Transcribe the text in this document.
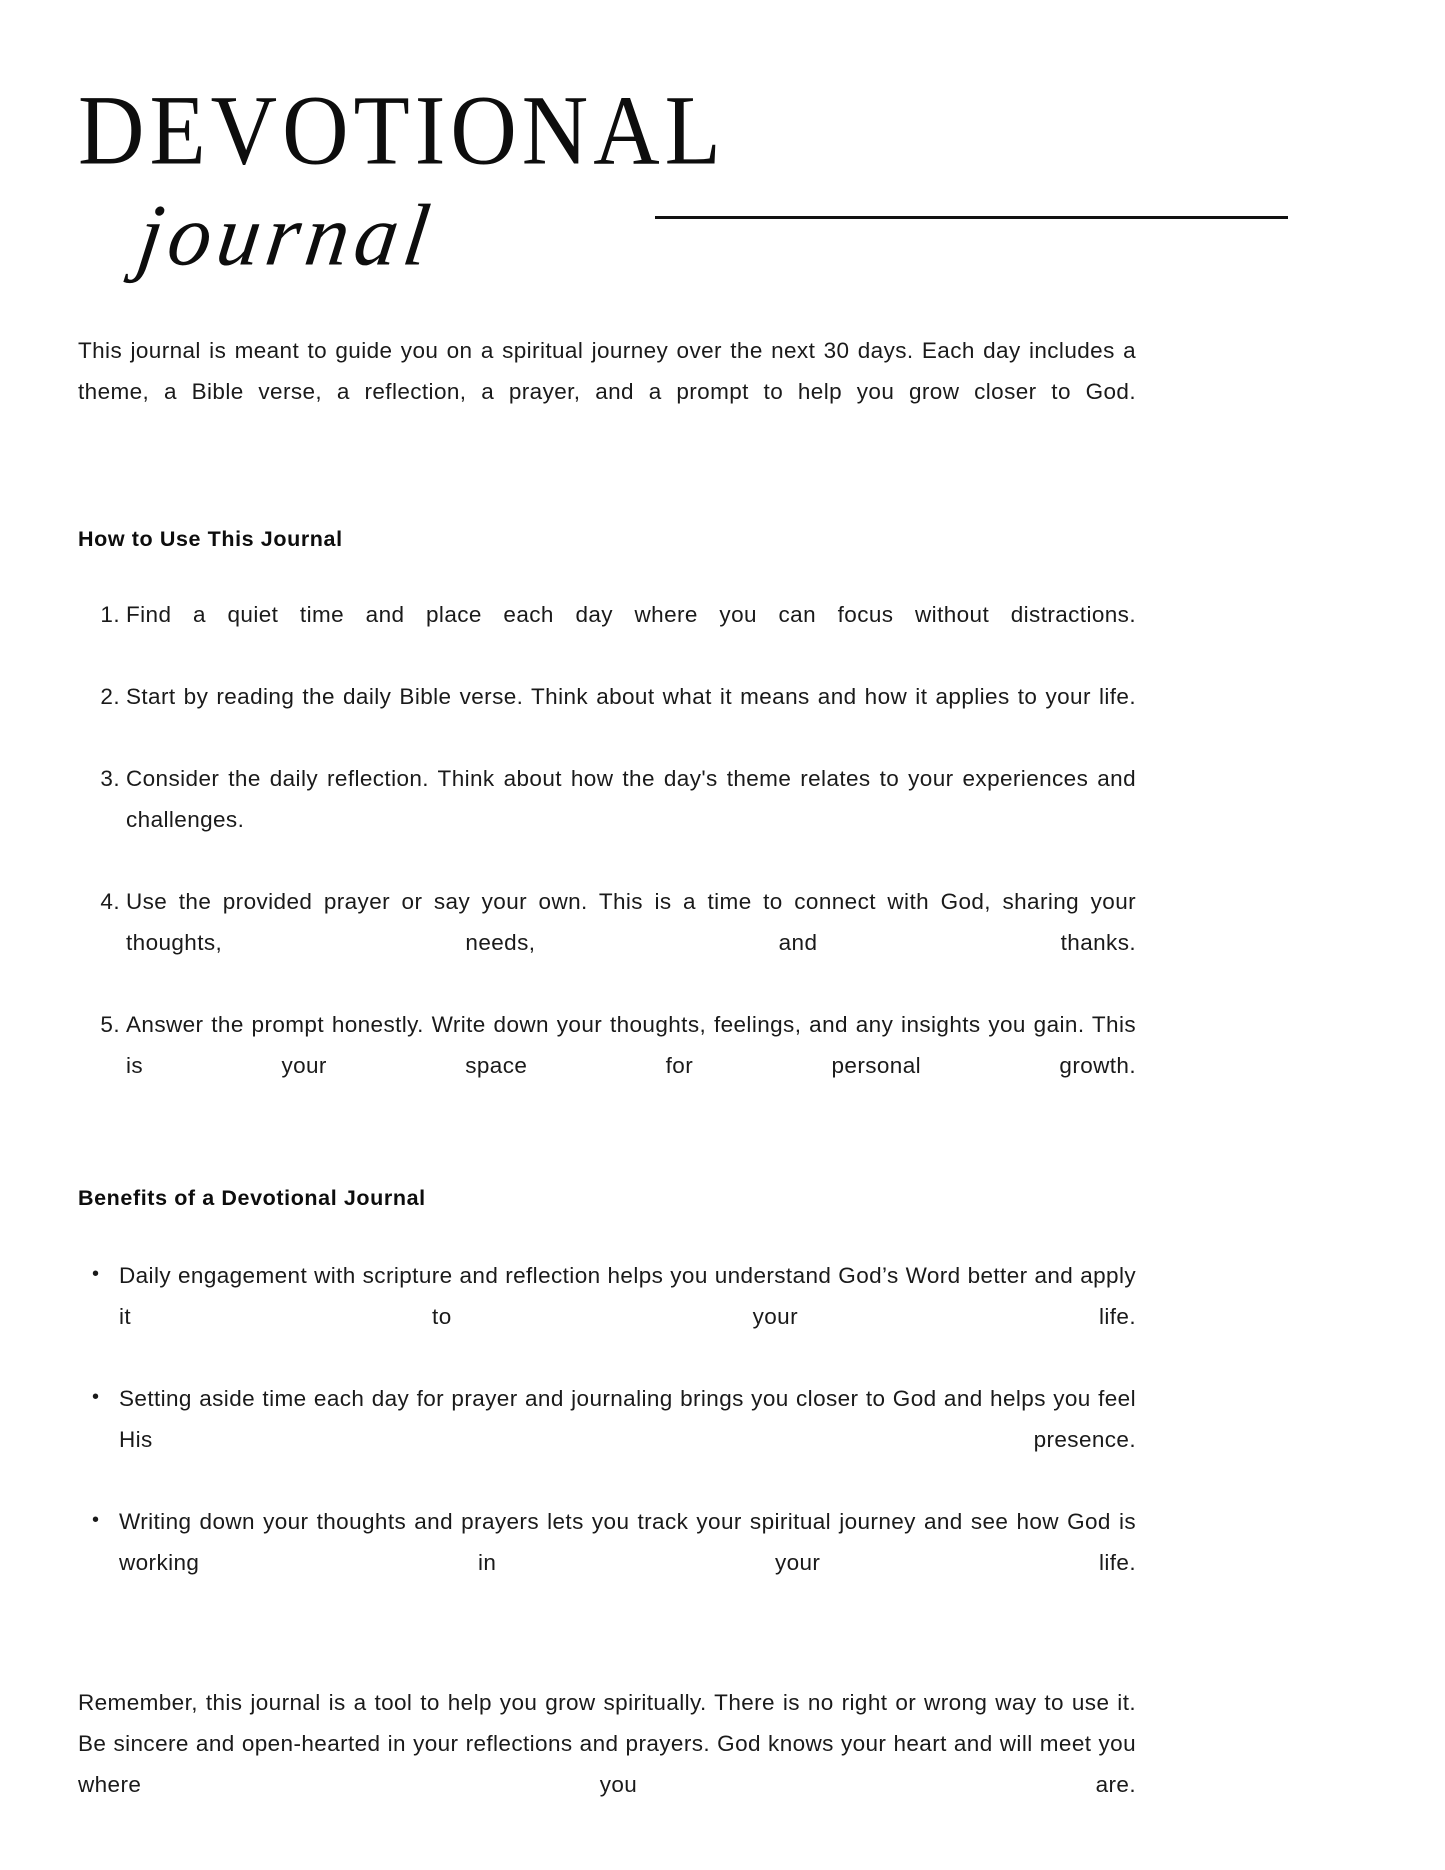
DEVOTIONAL
journal

This journal is meant to guide you on a spiritual journey over the next 30 days. Each day includes a theme, a Bible verse, a reflection, a prayer, and a prompt to help you grow closer to God.

How to Use This Journal
Find a quiet time and place each day where you can focus without distractions.
Start by reading the daily Bible verse. Think about what it means and how it applies to your life.
Consider the daily reflection. Think about how the day's theme relates to your experiences and challenges.
Use the provided prayer or say your own. This is a time to connect with God, sharing your thoughts, needs, and thanks.
Answer the prompt honestly. Write down your thoughts, feelings, and any insights you gain. This is your space for personal growth.
Benefits of a Devotional Journal
• Daily engagement with scripture and reflection helps you understand God’s Word better and apply it to your life.
• Setting aside time each day for prayer and journaling brings you closer to God and helps you feel His presence.
• Writing down your thoughts and prayers lets you track your spiritual journey and see how God is working in your life.

Remember, this journal is a tool to help you grow spiritually. There is no right or wrong way to use it. Be sincere and open-hearted in your reflections and prayers. God knows your heart and will meet you where you are.
